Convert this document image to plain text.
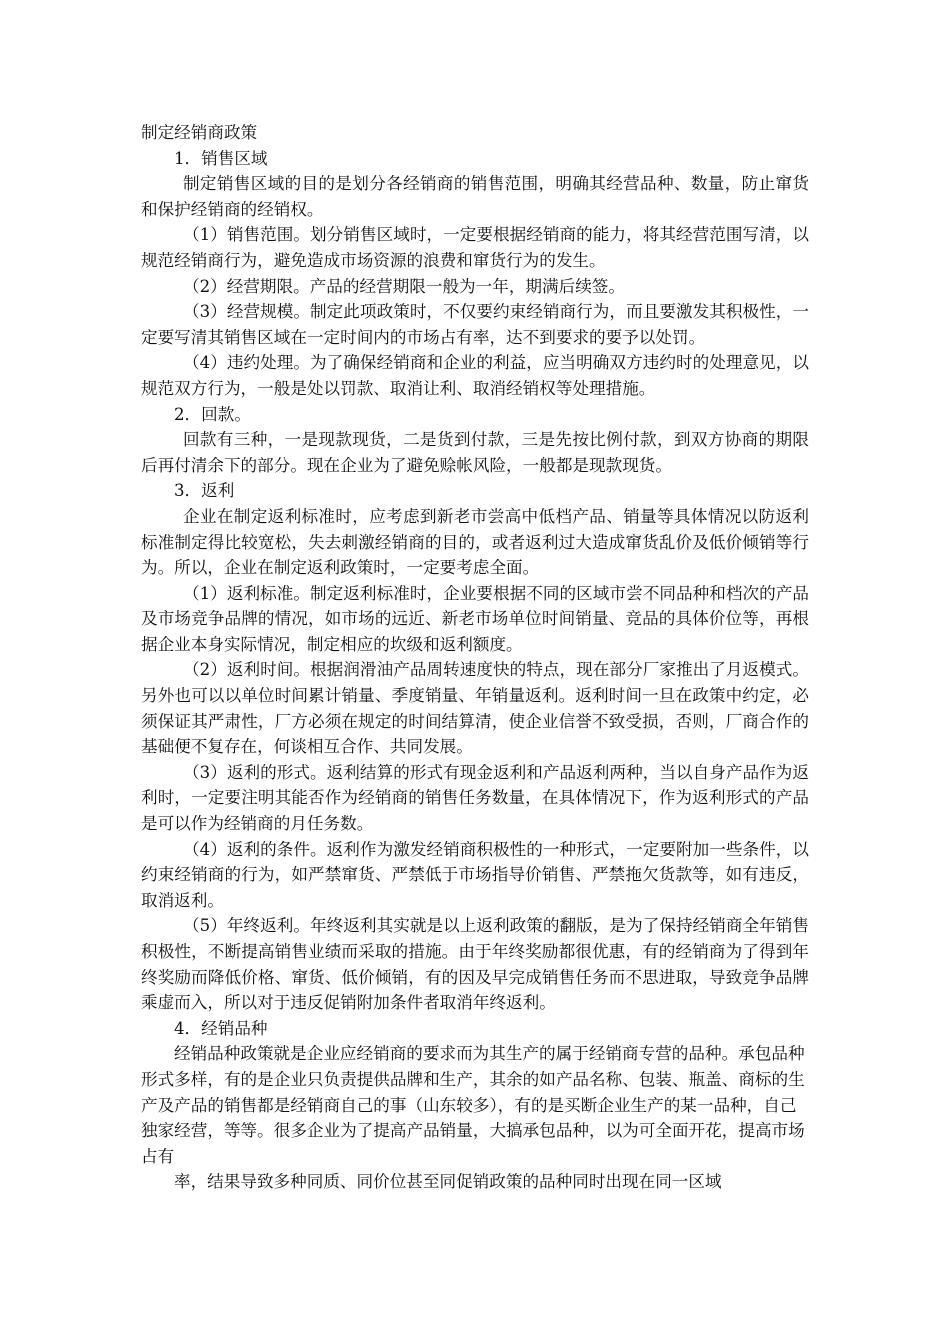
制定经销商政策

1．销售区域

制定销售区域的目的是划分各经销商的销售范围，明确其经营品种、数量，防止窜货和保护经销商的经销权。

（1）销售范围。划分销售区域时，一定要根据经销商的能力，将其经营范围写清，以规范经销商行为，避免造成市场资源的浪费和窜货行为的发生。

（2）经营期限。产品的经营期限一般为一年，期满后续签。

（3）经营规模。制定此项政策时，不仅要约束经销商行为，而且要激发其积极性，一定要写清其销售区域在一定时间内的市场占有率，达不到要求的要予以处罚。

（4）违约处理。为了确保经销商和企业的利益，应当明确双方违约时的处理意见，以规范双方行为，一般是处以罚款、取消让利、取消经销权等处理措施。

2．回款。

回款有三种，一是现款现货，二是货到付款，三是先按比例付款，到双方协商的期限后再付清余下的部分。现在企业为了避免赊帐风险，一般都是现款现货。

3．返利

企业在制定返利标准时，应考虑到新老市尝高中低档产品、销量等具体情况以防返利标准制定得比较宽松，失去刺激经销商的目的，或者返利过大造成窜货乱价及低价倾销等行为。所以，企业在制定返利政策时，一定要考虑全面。

（1）返利标准。制定返利标准时，企业要根据不同的区域市尝不同品种和档次的产品及市场竞争品牌的情况，如市场的远近、新老市场单位时间销量、竞品的具体价位等，再根据企业本身实际情况，制定相应的坎级和返利额度。

（2）返利时间。根据润滑油产品周转速度快的特点，现在部分厂家推出了月返模式。另外也可以以单位时间累计销量、季度销量、年销量返利。返利时间一旦在政策中约定，必须保证其严肃性，厂方必须在规定的时间结算清，使企业信誉不致受损，否则，厂商合作的基础便不复存在，何谈相互合作、共同发展。

（3）返利的形式。返利结算的形式有现金返利和产品返利两种，当以自身产品作为返利时，一定要注明其能否作为经销商的销售任务数量，在具体情况下，作为返利形式的产品是可以作为经销商的月任务数。

（4）返利的条件。返利作为激发经销商积极性的一种形式，一定要附加一些条件，以约束经销商的行为，如严禁窜货、严禁低于市场指导价销售、严禁拖欠货款等，如有违反，取消返利。

（5）年终返利。年终返利其实就是以上返利政策的翻版，是为了保持经销商全年销售积极性，不断提高销售业绩而采取的措施。由于年终奖励都很优惠，有的经销商为了得到年终奖励而降低价格、窜货、低价倾销，有的因及早完成销售任务而不思进取，导致竞争品牌乘虚而入，所以对于违反促销附加条件者取消年终返利。

4．经销品种

经销品种政策就是企业应经销商的要求而为其生产的属于经销商专营的品种。承包品种形式多样，有的是企业只负责提供品牌和生产，其余的如产品名称、包装、瓶盖、商标的生产及产品的销售都是经销商自己的事（山东较多），有的是买断企业生产的某一品种，自己独家经营，等等。很多企业为了提高产品销量，大搞承包品种，以为可全面开花，提高市场占有

率，结果导致多种同质、同价位甚至同促销政策的品种同时出现在同一区域
